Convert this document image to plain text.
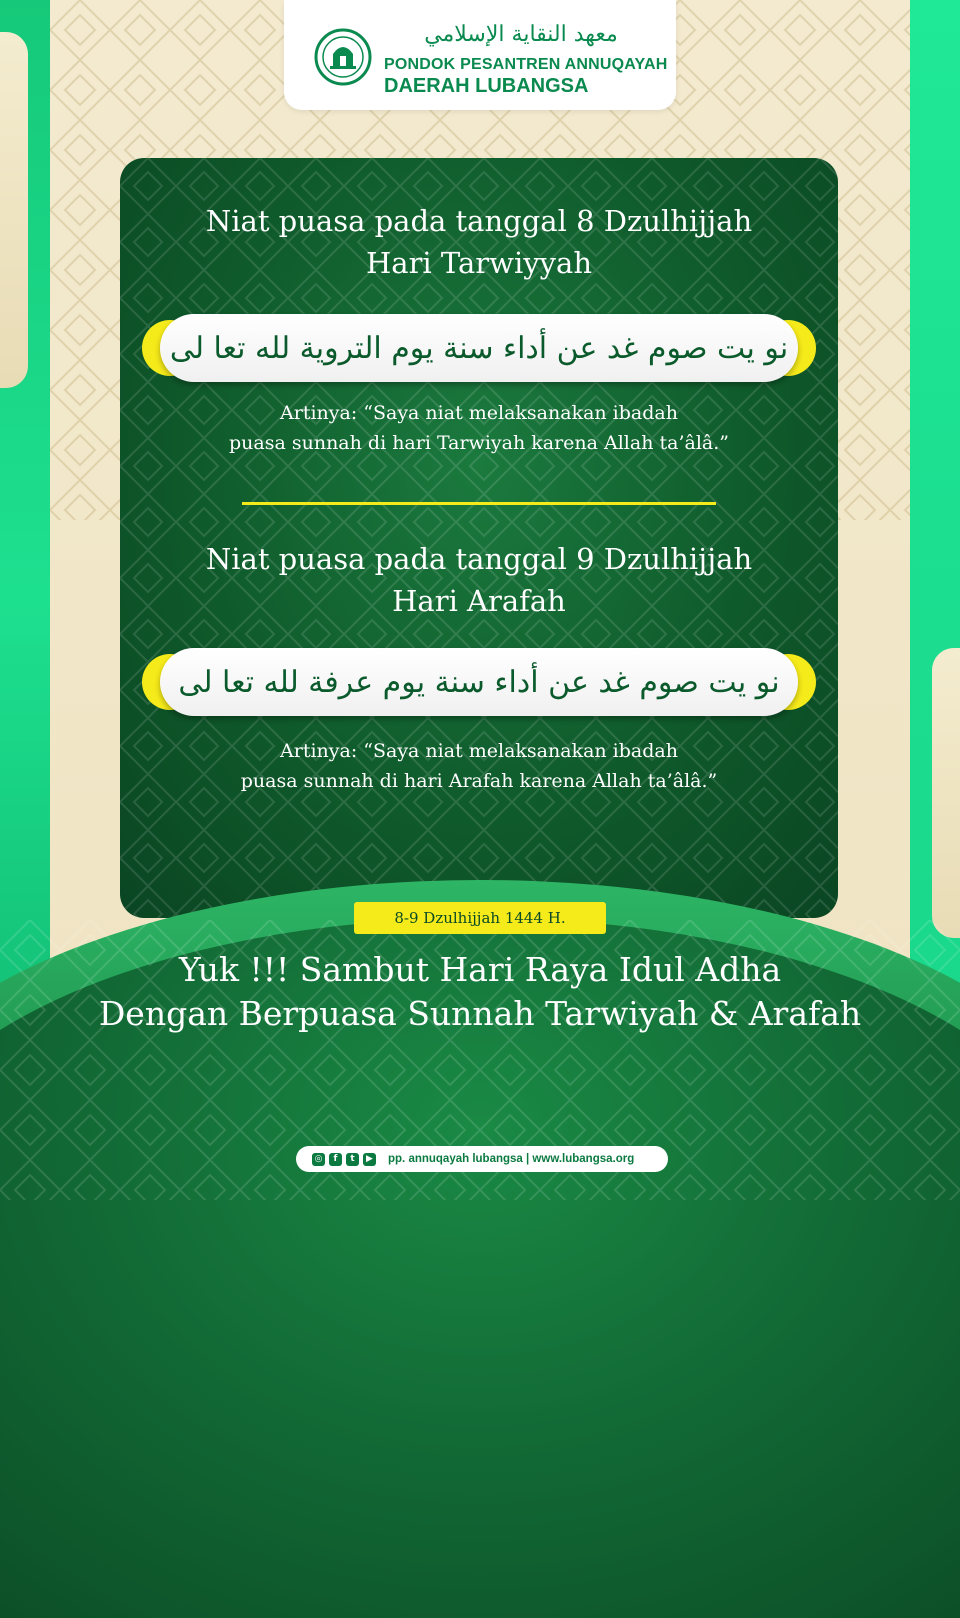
معهد النقاية الإسلامي
PONDOK PESANTREN ANNUQAYAH
DAERAH LUBANGSA
Niat puasa pada tanggal 8 Dzulhijjah
Hari Tarwiyyah
نو يت صوم غد عن أداء سنة يوم التروية لله تعا لى
Artinya: “Saya niat melaksanakan ibadah
puasa sunnah di hari Tarwiyah karena Allah ta’âlâ.”
Niat puasa pada tanggal 9 Dzulhijjah
Hari Arafah
نو يت صوم غد عن أداء سنة يوم عرفة لله تعا لى
Artinya: “Saya niat melaksanakan ibadah
puasa sunnah di hari Arafah karena Allah ta’âlâ.”
8-9 Dzulhijjah 1444 H.
Yuk !!! Sambut Hari Raya Idul Adha
Dengan Berpuasa Sunnah Tarwiyah & Arafah
◎	f	t	▶ pp. annuqayah lubangsa | www.lubangsa.org
